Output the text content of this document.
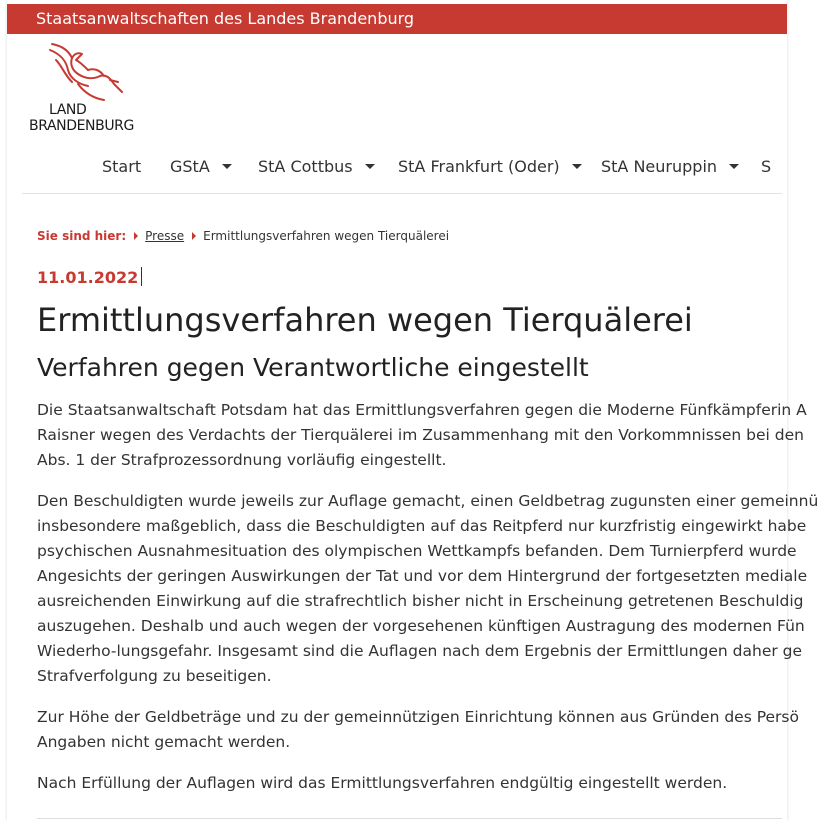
Staatsanwaltschaften des Landes Brandenburg
LAND
BRANDENBURG
Start GStA	StA Cottbus	StA Frankfurt (Oder)	StA Neuruppin	S
Sie sind hier: Presse Ermittlungsverfahren wegen Tierquälerei
11.01.2022
Ermittlungsverfahren wegen Tierquälerei
Verfahren gegen Verantwortliche eingestellt

Die Staatsanwaltschaft Potsdam hat das Ermittlungsverfahren gegen die Moderne Fünfkämpferin A
Raisner wegen des Verdachts der Tierquälerei im Zusammenhang mit den Vorkommnissen bei den
Abs. 1 der Strafprozessordnung vorläufig eingestellt.

Den Beschuldigten wurde jeweils zur Auflage gemacht, einen Geldbetrag zugunsten einer gemeinnü
insbesondere maßgeblich, dass die Beschuldigten auf das Reitpferd nur kurzfristig eingewirkt habe
psychischen Ausnahmesituation des olympischen Wettkampfs befanden. Dem Turnierpferd wurde
Angesichts der geringen Auswirkungen der Tat und vor dem Hintergrund der fortgesetzten mediale
ausreichenden Einwirkung auf die strafrechtlich bisher nicht in Erscheinung getretenen Beschuldig
auszugehen. Deshalb und auch wegen der vorgesehenen künftigen Austragung des modernen Fün
Wiederho-lungsgefahr. Insgesamt sind die Auflagen nach dem Ergebnis der Ermittlungen daher ge
Strafverfolgung zu beseitigen.

Zur Höhe der Geldbeträge und zu der gemeinnützigen Einrichtung können aus Gründen des Persö
Angaben nicht gemacht werden.

Nach Erfüllung der Auflagen wird das Ermittlungsverfahren endgültig eingestellt werden.
